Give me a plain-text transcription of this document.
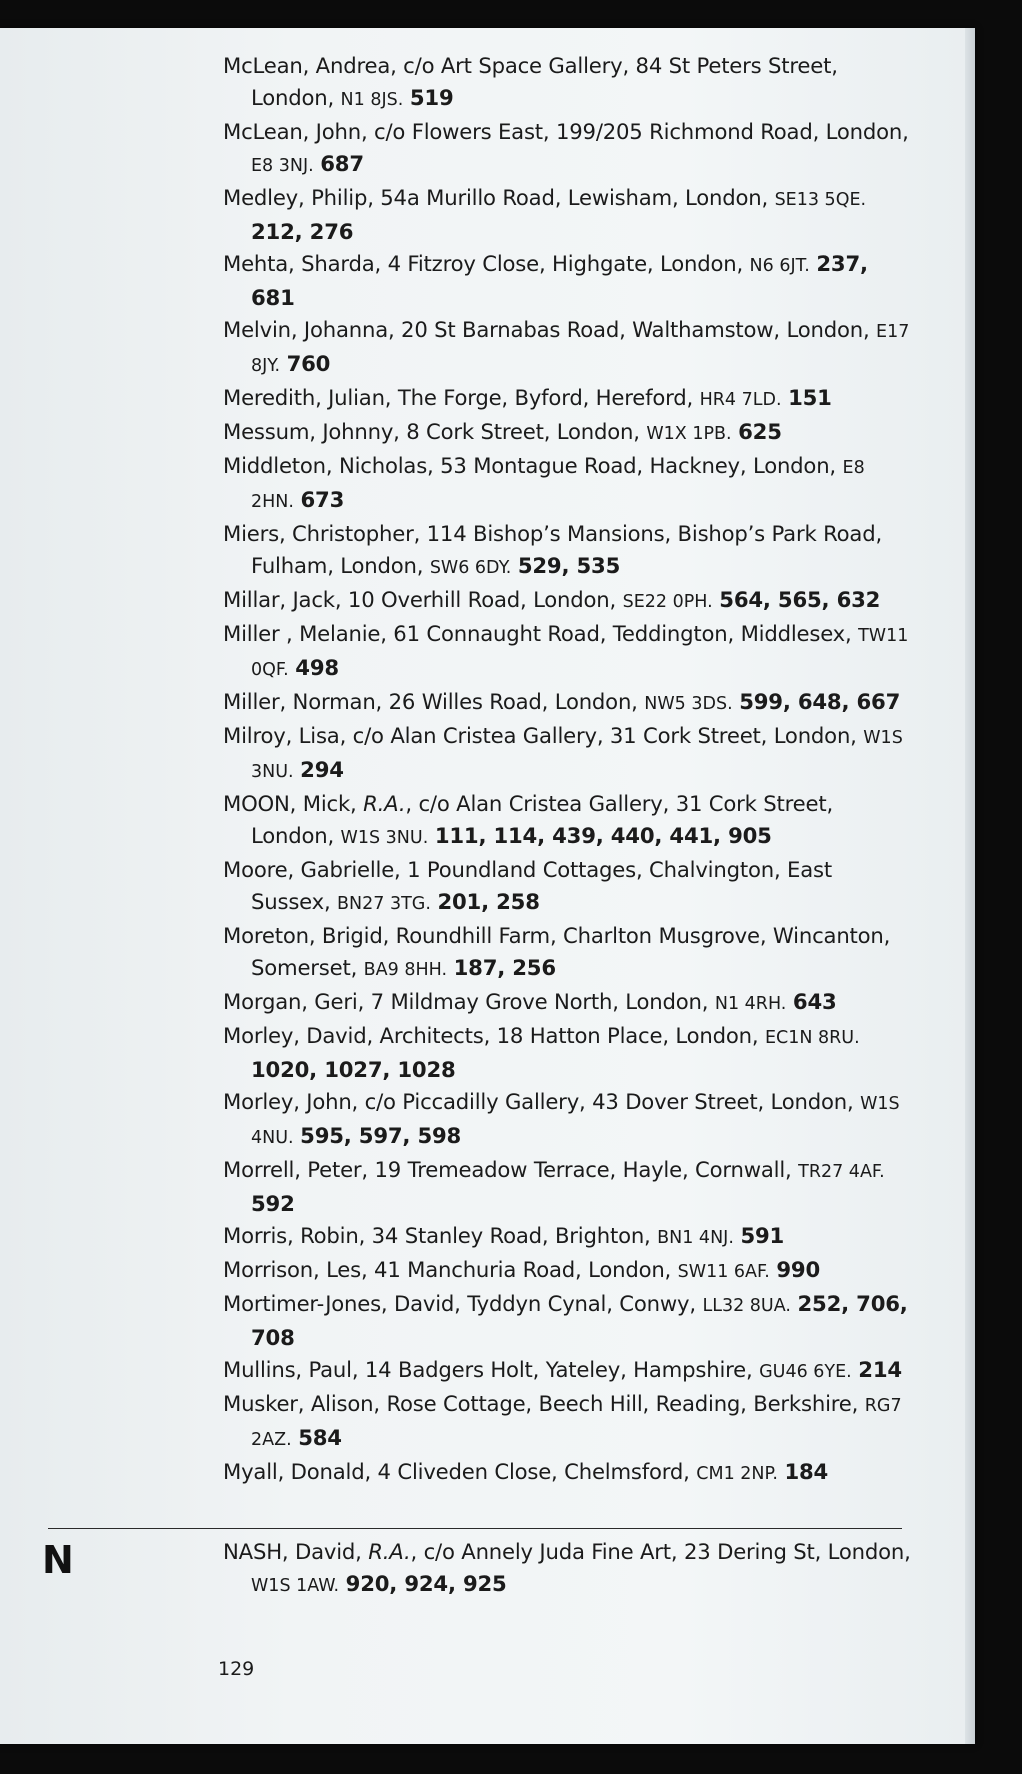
McLean, Andrea, c/o Art Space Gallery, 84 St Peters Street, London, N1 8JS. 519
McLean, John, c/o Flowers East, 199/205 Richmond Road, London, E8 3NJ. 687
Medley, Philip, 54a Murillo Road, Lewisham, London, SE13 5QE. 212, 276
Mehta, Sharda, 4 Fitzroy Close, Highgate, London, N6 6JT. 237, 681
Melvin, Johanna, 20 St Barnabas Road, Walthamstow, London, E17 8JY. 760
Meredith, Julian, The Forge, Byford, Hereford, HR4 7LD. 151
Messum, Johnny, 8 Cork Street, London, W1X 1PB. 625
Middleton, Nicholas, 53 Montague Road, Hackney, London, E8 2HN. 673
Miers, Christopher, 114 Bishop’s Mansions, Bishop’s Park Road, Fulham, London, SW6 6DY. 529, 535
Millar, Jack, 10 Overhill Road, London, SE22 0PH. 564, 565, 632
Miller , Melanie, 61 Connaught Road, Teddington, Middlesex, TW11 0QF. 498
Miller, Norman, 26 Willes Road, London, NW5 3DS. 599, 648, 667
Milroy, Lisa, c/o Alan Cristea Gallery, 31 Cork Street, London, W1S 3NU. 294
MOON, Mick, R.A., c/o Alan Cristea Gallery, 31 Cork Street, London, W1S 3NU. 111, 114, 439, 440, 441, 905
Moore, Gabrielle, 1 Poundland Cottages, Chalvington, East Sussex, BN27 3TG. 201, 258
Moreton, Brigid, Roundhill Farm, Charlton Musgrove, Wincanton, Somerset, BA9 8HH. 187, 256
Morgan, Geri, 7 Mildmay Grove North, London, N1 4RH. 643
Morley, David, Architects, 18 Hatton Place, London, EC1N 8RU. 1020, 1027, 1028
Morley, John, c/o Piccadilly Gallery, 43 Dover Street, London, W1S 4NU. 595, 597, 598
Morrell, Peter, 19 Tremeadow Terrace, Hayle, Cornwall, TR27 4AF. 592
Morris, Robin, 34 Stanley Road, Brighton, BN1 4NJ. 591
Morrison, Les, 41 Manchuria Road, London, SW11 6AF. 990
Mortimer-Jones, David, Tyddyn Cynal, Conwy, LL32 8UA. 252, 706, 708
Mullins, Paul, 14 Badgers Holt, Yateley, Hampshire, GU46 6YE. 214
Musker, Alison, Rose Cottage, Beech Hill, Reading, Berkshire, RG7 2AZ. 584
Myall, Donald, 4 Cliveden Close, Chelmsford, CM1 2NP. 184
N	NASH, David, R.A., c/o Annely Juda Fine Art, 23 Dering St, London, W1S 1AW. 920, 924, 925
129
